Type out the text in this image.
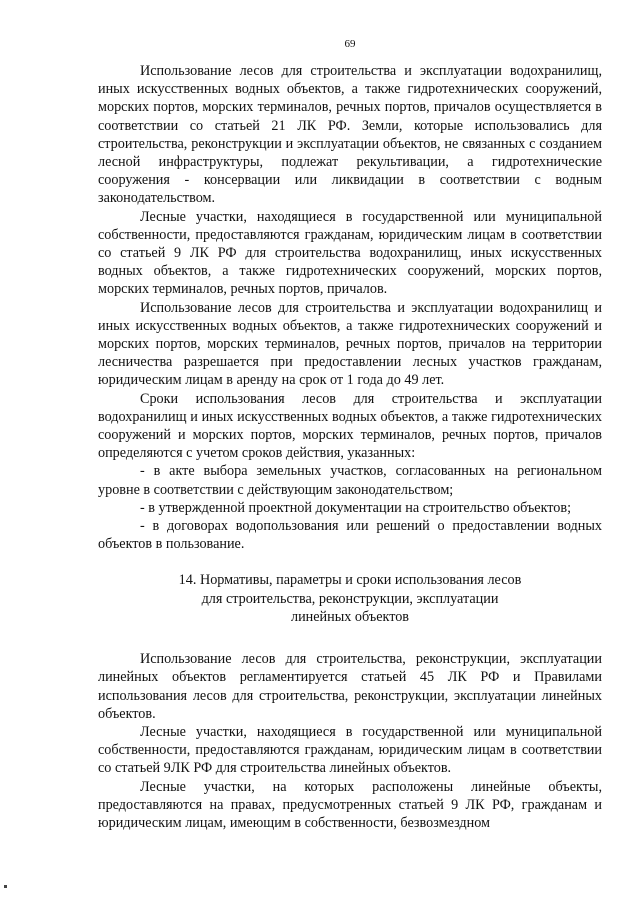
69

Использование лесов для строительства и эксплуатации водохранилищ, иных искусственных водных объектов, а также гидротехнических сооружений, морских портов, морских терминалов, речных портов, причалов осуществляется в соответствии со статьей 21 ЛК РФ. Земли, которые использовались для строительства, реконструкции и эксплуатации объектов, не связанных с созданием лесной инфраструктуры, подлежат рекультивации, а гидротехнические сооружения - консервации или ликвидации в соответствии с водным законодательством.

Лесные участки, находящиеся в государственной или муниципальной собственности, предоставляются гражданам, юридическим лицам в соответствии со статьей 9 ЛК РФ для строительства водохранилищ, иных искусственных водных объектов, а также гидротехнических сооружений, морских портов, морских терминалов, речных портов, причалов.

Использование лесов для строительства и эксплуатации водохранилищ и иных искусственных водных объектов, а также гидротехнических сооружений и морских портов, морских терминалов, речных портов, причалов на территории лесничества разрешается при предоставлении лесных участков гражданам, юридическим лицам в аренду на срок от 1 года до 49 лет.

Сроки использования лесов для строительства и эксплуатации водохранилищ и иных искусственных водных объектов, а также гидротехнических сооружений и морских портов, морских терминалов, речных портов, причалов определяются с учетом сроков действия, указанных:

- в акте выбора земельных участков, согласованных на региональном уровне в соответствии с действующим законодательством;

- в утвержденной проектной документации на строительство объектов;

- в договорах водопользования или решений о предоставлении водных объектов в пользование.

14. Нормативы, параметры и сроки использования лесов
для строительства, реконструкции, эксплуатации
линейных объектов

Использование лесов для строительства, реконструкции, эксплуатации линейных объектов регламентируется статьей 45 ЛК РФ и Правилами использования лесов для строительства, реконструкции, эксплуатации линейных объектов.

Лесные участки, находящиеся в государственной или муниципальной собственности, предоставляются гражданам, юридическим лицам в соответствии со статьей 9ЛК РФ для строительства линейных объектов.

Лесные участки, на которых расположены линейные объекты, предоставляются на правах, предусмотренных статьей 9 ЛК РФ, гражданам и юридическим лицам, имеющим в собственности, безвозмездном
